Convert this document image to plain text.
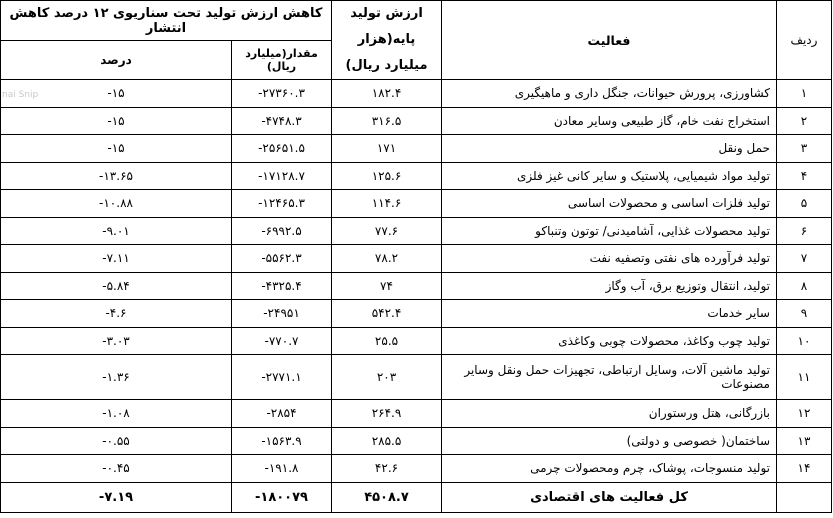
nai Snip
ردیف	فعالیت	ارزش تولید پایه(هزار میلیارد ریال)	کاهش ارزش تولید تحت سناریوی ۱۲ درصد کاهش انتشار	
			مقدار(میلیارد ریال)	درصد
۱	کشاورزی، پرورش حیوانات، جنگل داری و ماهیگیری	۱۸۲.۴	-۲۷۳۶۰.۳	-۱۵
۲	استخراج نفت خام، گاز طبیعی وسایر معادن	۳۱۶.۵	-۴۷۴۸.۳	-۱۵
۳	حمل ونقل	۱۷۱	-۲۵۶۵۱.۵	-۱۵
۴	تولید مواد شیمیایی، پلاستیک و سایر کانی غیز فلزی	۱۲۵.۶	-۱۷۱۲۸.۷	-۱۳.۶۵
۵	تولید فلزات اساسی و محصولات اساسی	۱۱۴.۶	-۱۲۴۶۵.۳	-۱۰.۸۸
۶	تولید محصولات غذایی، آشامیدنی/ توتون وتنباکو	۷۷.۶	-۶۹۹۲.۵	-۹.۰۱
۷	تولید فرآورده های نفتی وتصفیه نفت	۷۸.۲	-۵۵۶۲.۳	-۷.۱۱
۸	تولید، انتقال وتوزیع برق، آب وگاز	۷۴	-۴۳۲۵.۴	-۵.۸۴
۹	سایر خدمات	۵۴۲.۴	-۲۴۹۵۱	-۴.۶
۱۰	تولید چوب وکاغذ، محصولات چوبی وکاغذی	۲۵.۵	-۷۷۰.۷	-۳.۰۳
۱۱	تولید ماشین آلات، وسایل ارتباطی، تجهیزات حمل ونقل وسایر مصنوعات	۲۰۳	-۲۷۷۱.۱	-۱.۳۶
۱۲	بازرگانی، هتل ورستوران	۲۶۴.۹	-۲۸۵۴	-۱.۰۸
۱۳	ساختمان( خصوصی و دولتی)	۲۸۵.۵	-۱۵۶۳.۹	-۰.۵۵
۱۴	تولید منسوجات، پوشاک، چرم ومحصولات چرمی	۴۲.۶	-۱۹۱.۸	-۰.۴۵
	کل فعالیت های اقتصادی	۴۵۰۸.۷	-۱۸۰۰۷۹	-۷.۱۹
